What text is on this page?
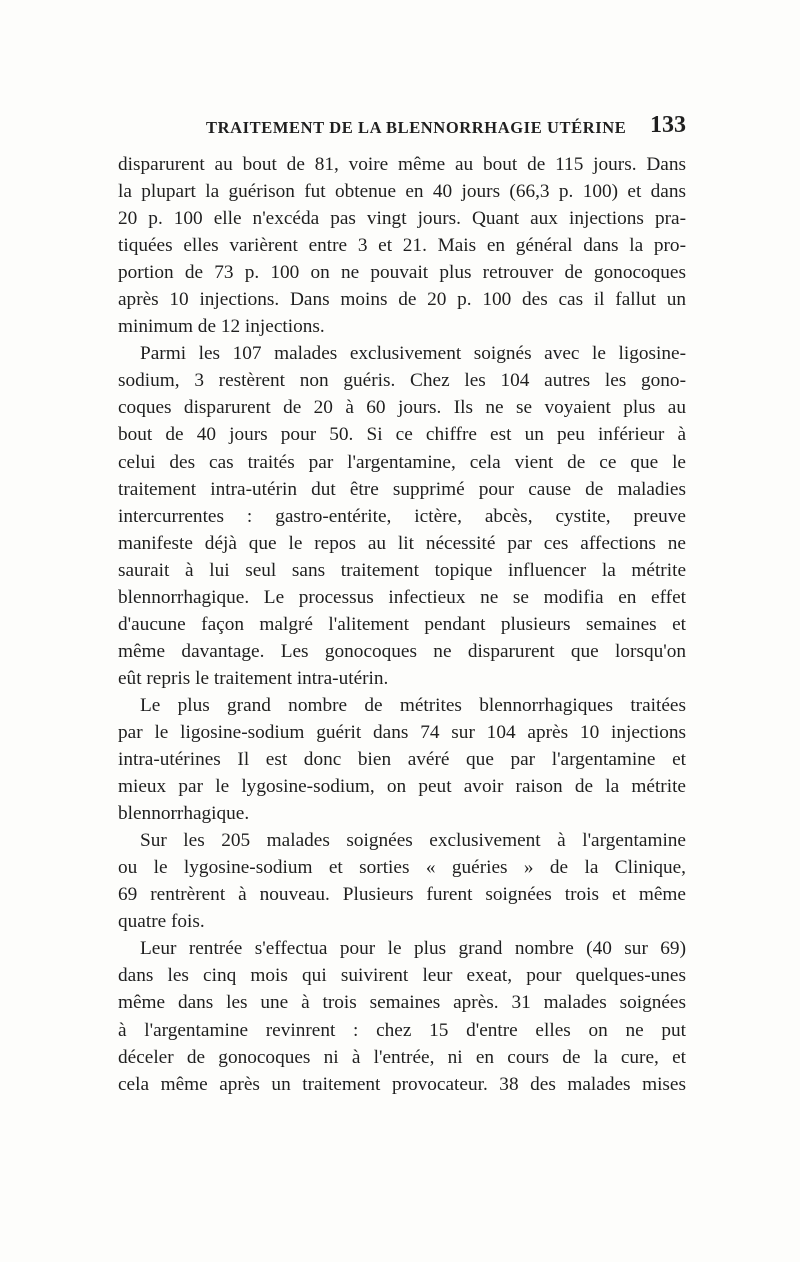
TRAITEMENT DE LA BLENNORRHAGIE UTÉRINE 133
disparurent au bout de 81, voire même au bout de 115 jours. Dans
la plupart la guérison fut obtenue en 40 jours (66,3 p. 100) et dans
20 p. 100 elle n'excéda pas vingt jours. Quant aux injections pra-
tiquées elles varièrent entre 3 et 21. Mais en général dans la pro-
portion de 73 p. 100 on ne pouvait plus retrouver de gonocoques
après 10 injections. Dans moins de 20 p. 100 des cas il fallut un
minimum de 12 injections.
Parmi les 107 malades exclusivement soignés avec le ligosine-
sodium, 3 restèrent non guéris. Chez les 104 autres les gono-
coques disparurent de 20 à 60 jours. Ils ne se voyaient plus au
bout de 40 jours pour 50. Si ce chiffre est un peu inférieur à
celui des cas traités par l'argentamine, cela vient de ce que le
traitement intra-utérin dut être supprimé pour cause de maladies
intercurrentes : gastro-entérite, ictère, abcès, cystite, preuve
manifeste déjà que le repos au lit nécessité par ces affections ne
saurait à lui seul sans traitement topique influencer la métrite
blennorrhagique. Le processus infectieux ne se modifia en effet
d'aucune façon malgré l'alitement pendant plusieurs semaines et
même davantage. Les gonocoques ne disparurent que lorsqu'on
eût repris le traitement intra-utérin.
Le plus grand nombre de métrites blennorrhagiques traitées
par le ligosine-sodium guérit dans 74 sur 104 après 10 injections
intra-utérines Il est donc bien avéré que par l'argentamine et
mieux par le lygosine-sodium, on peut avoir raison de la métrite
blennorrhagique.
Sur les 205 malades soignées exclusivement à l'argentamine
ou le lygosine-sodium et sorties « guéries » de la Clinique,
69 rentrèrent à nouveau. Plusieurs furent soignées trois et même
quatre fois.
Leur rentrée s'effectua pour le plus grand nombre (40 sur 69)
dans les cinq mois qui suivirent leur exeat, pour quelques-unes
même dans les une à trois semaines après. 31 malades soignées
à l'argentamine revinrent : chez 15 d'entre elles on ne put
déceler de gonocoques ni à l'entrée, ni en cours de la cure, et
cela même après un traitement provocateur. 38 des malades mises
